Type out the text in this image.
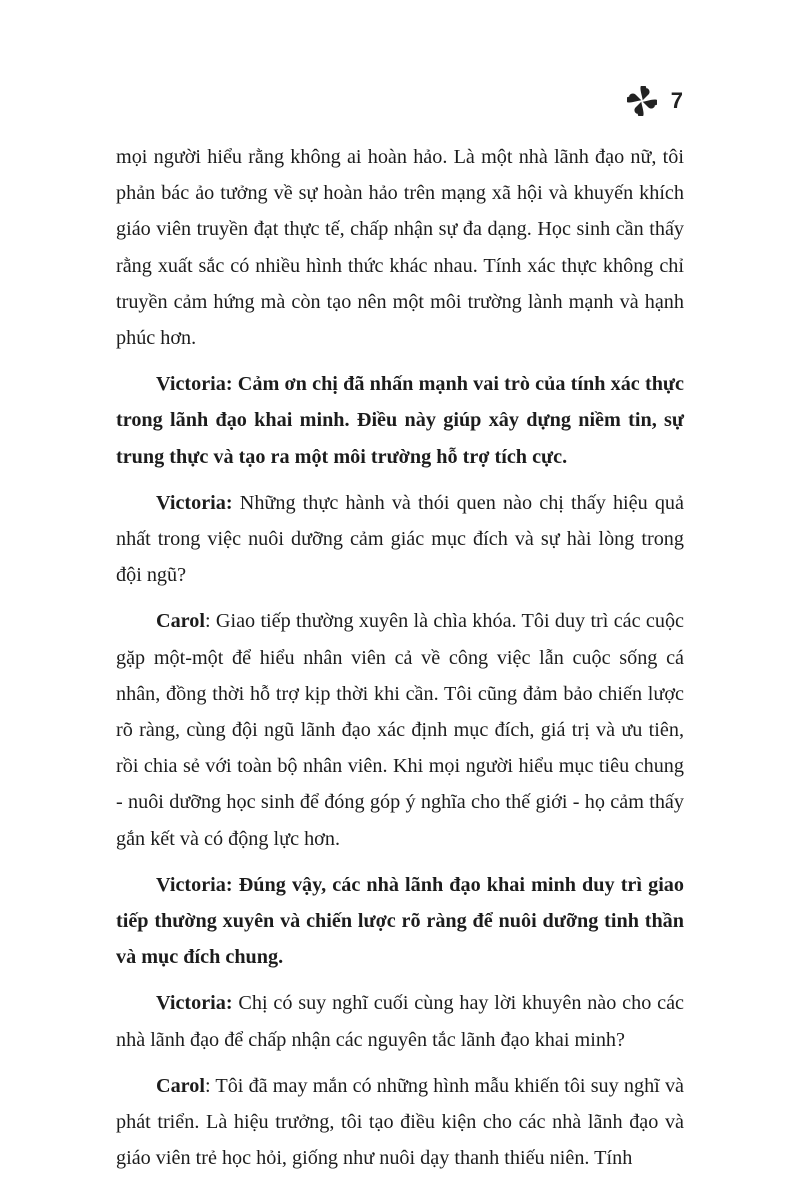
7

mọi người hiểu rằng không ai hoàn hảo. Là một nhà lãnh đạo nữ, tôi phản bác ảo tưởng về sự hoàn hảo trên mạng xã hội và khuyến khích giáo viên truyền đạt thực tế, chấp nhận sự đa dạng. Học sinh cần thấy rằng xuất sắc có nhiều hình thức khác nhau. Tính xác thực không chỉ truyền cảm hứng mà còn tạo nên một môi trường lành mạnh và hạnh phúc hơn.

Victoria: Cảm ơn chị đã nhấn mạnh vai trò của tính xác thực trong lãnh đạo khai minh. Điều này giúp xây dựng niềm tin, sự trung thực và tạo ra một môi trường hỗ trợ tích cực.

Victoria: Những thực hành và thói quen nào chị thấy hiệu quả nhất trong việc nuôi dưỡng cảm giác mục đích và sự hài lòng trong đội ngũ?

Carol: Giao tiếp thường xuyên là chìa khóa. Tôi duy trì các cuộc gặp một-một để hiểu nhân viên cả về công việc lẫn cuộc sống cá nhân, đồng thời hỗ trợ kịp thời khi cần. Tôi cũng đảm bảo chiến lược rõ ràng, cùng đội ngũ lãnh đạo xác định mục đích, giá trị và ưu tiên, rồi chia sẻ với toàn bộ nhân viên. Khi mọi người hiểu mục tiêu chung - nuôi dưỡng học sinh để đóng góp ý nghĩa cho thế giới - họ cảm thấy gắn kết và có động lực hơn.

Victoria: Đúng vậy, các nhà lãnh đạo khai minh duy trì giao tiếp thường xuyên và chiến lược rõ ràng để nuôi dưỡng tinh thần và mục đích chung.

Victoria: Chị có suy nghĩ cuối cùng hay lời khuyên nào cho các nhà lãnh đạo để chấp nhận các nguyên tắc lãnh đạo khai minh?

Carol: Tôi đã may mắn có những hình mẫu khiến tôi suy nghĩ và phát triển. Là hiệu trưởng, tôi tạo điều kiện cho các nhà lãnh đạo và giáo viên trẻ học hỏi, giống như nuôi dạy thanh thiếu niên. Tính
